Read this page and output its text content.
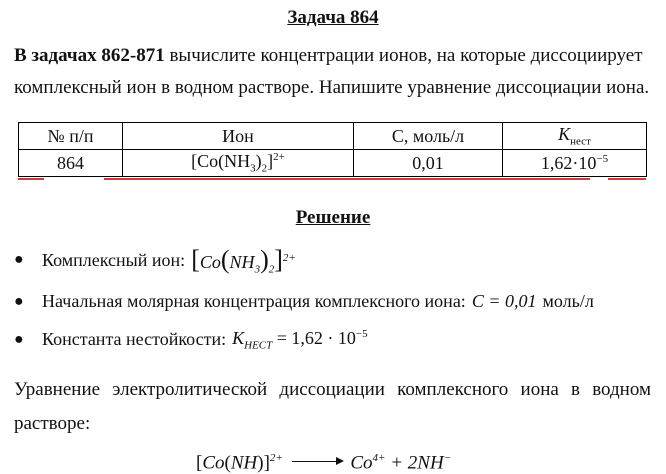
Задача 864
В задачах 862-871 вычислите концентрации ионов, на которые диссоциирует комплексный ион в водном растворе. Напишите уравнение диссоциации иона.
№ п/п	Ион	C, моль/л	$K_{нест}$
864	$[Co(NH_3)_2]^{2+}$	0,01	$1,62\cdot 10^{-5}$
Решение
●	Комплексный ион: $[Co(NH_3)_2]^{2+}$
●	Начальная молярная концентрация комплексного иона: C = 0,01 моль/л
●	Константа нестойкости: $K_{НЕСТ} = 1,62 \cdot 10^{-5}$
Уравнение электролитической диссоциации комплексного иона в водном растворе:
$[Co(NH)]^{2+} \to Co^{4+} + 2NH^-$
